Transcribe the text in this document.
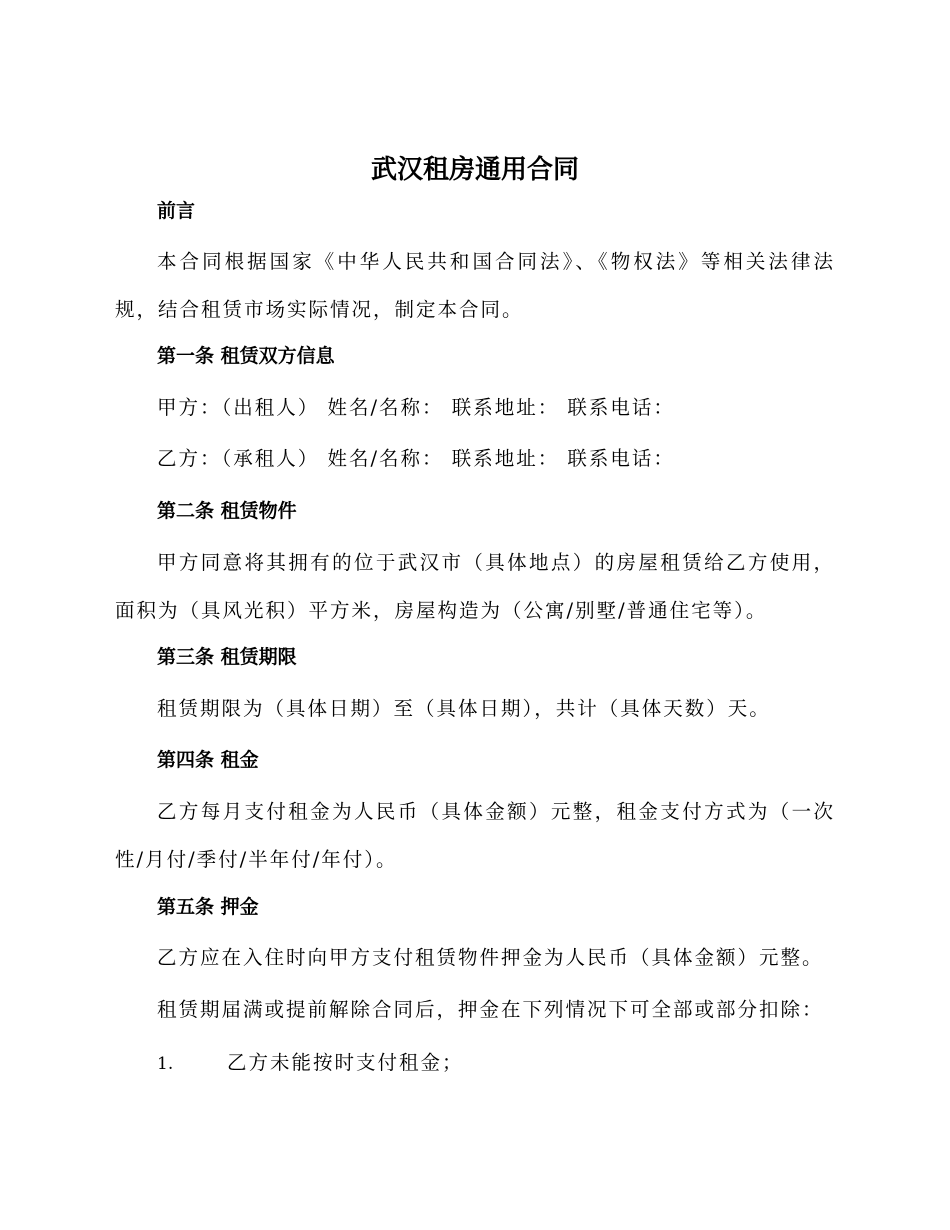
武汉租房通用合同

前言

本合同根据国家《中华人民共和国合同法》、《物权法》等相关法律法规，结合租赁市场实际情况，制定本合同。

第一条 租赁双方信息

甲方：（出租人） 姓名/名称： 联系地址： 联系电话：

乙方：（承租人） 姓名/名称： 联系地址： 联系电话：

第二条 租赁物件

甲方同意将其拥有的位于武汉市（具体地点）的房屋租赁给乙方使用，面积为（具风光积）平方米，房屋构造为（公寓/别墅/普通住宅等）。

第三条 租赁期限

租赁期限为（具体日期）至（具体日期），共计（具体天数）天。

第四条 租金

乙方每月支付租金为人民币（具体金额）元整，租金支付方式为（一次性/月付/季付/半年付/年付）。

第五条 押金

乙方应在入住时向甲方支付租赁物件押金为人民币（具体金额）元整。

租赁期届满或提前解除合同后，押金在下列情况下可全部或部分扣除：

1.	乙方未能按时支付租金；
